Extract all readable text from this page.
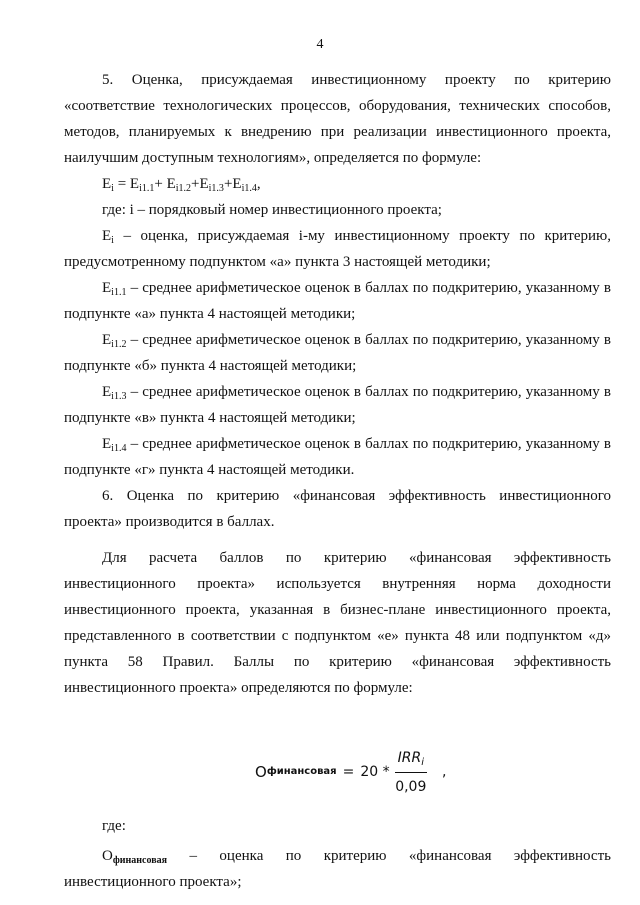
4

5. Оценка, присуждаемая инвестиционному проекту по критерию «соответствие технологических процессов, оборудования, технических способов, методов, планируемых к внедрению при реализации инвестиционного проекта, наилучшим доступным технологиям», определяется по формуле:

$E_i = E_{i1.1}+ E_{i1.2}+E_{i1.3}+E_{i1.4}$,

где: i – порядковый номер инвестиционного проекта;

$E_i$ – оценка, присуждаемая i-му инвестиционному проекту по критерию, предусмотренному подпунктом «а» пункта 3 настоящей методики;

$E_{i1.1}$ – среднее арифметическое оценок в баллах по подкритерию, указанному в подпункте «а» пункта 4 настоящей методики;

$E_{i1.2}$ – среднее арифметическое оценок в баллах по подкритерию, указанному в подпункте «б» пункта 4 настоящей методики;

$E_{i1.3}$ – среднее арифметическое оценок в баллах по подкритерию, указанному в подпункте «в» пункта 4 настоящей методики;

$E_{i1.4}$ – среднее арифметическое оценок в баллах по подкритерию, указанному в подпункте «г» пункта 4 настоящей методики.

6. Оценка по критерию «финансовая эффективность инвестиционного проекта» производится в баллах.

Для расчета баллов по критерию «финансовая эффективность инвестиционного проекта» используется внутренняя норма доходности инвестиционного проекта, указанная в бизнес-плане инвестиционного проекта, представленного в соответствии с подпунктом «е» пункта 48 или подпунктом «д» пункта 58 Правил. Баллы по критерию «финансовая эффективность инвестиционного проекта» определяются по формуле:

O финансовая = $20 * \frac{IRR_i}{0,09}$ ,

где:

$O_{финансовая}$ – оценка по критерию «финансовая эффективность инвестиционного проекта»;
